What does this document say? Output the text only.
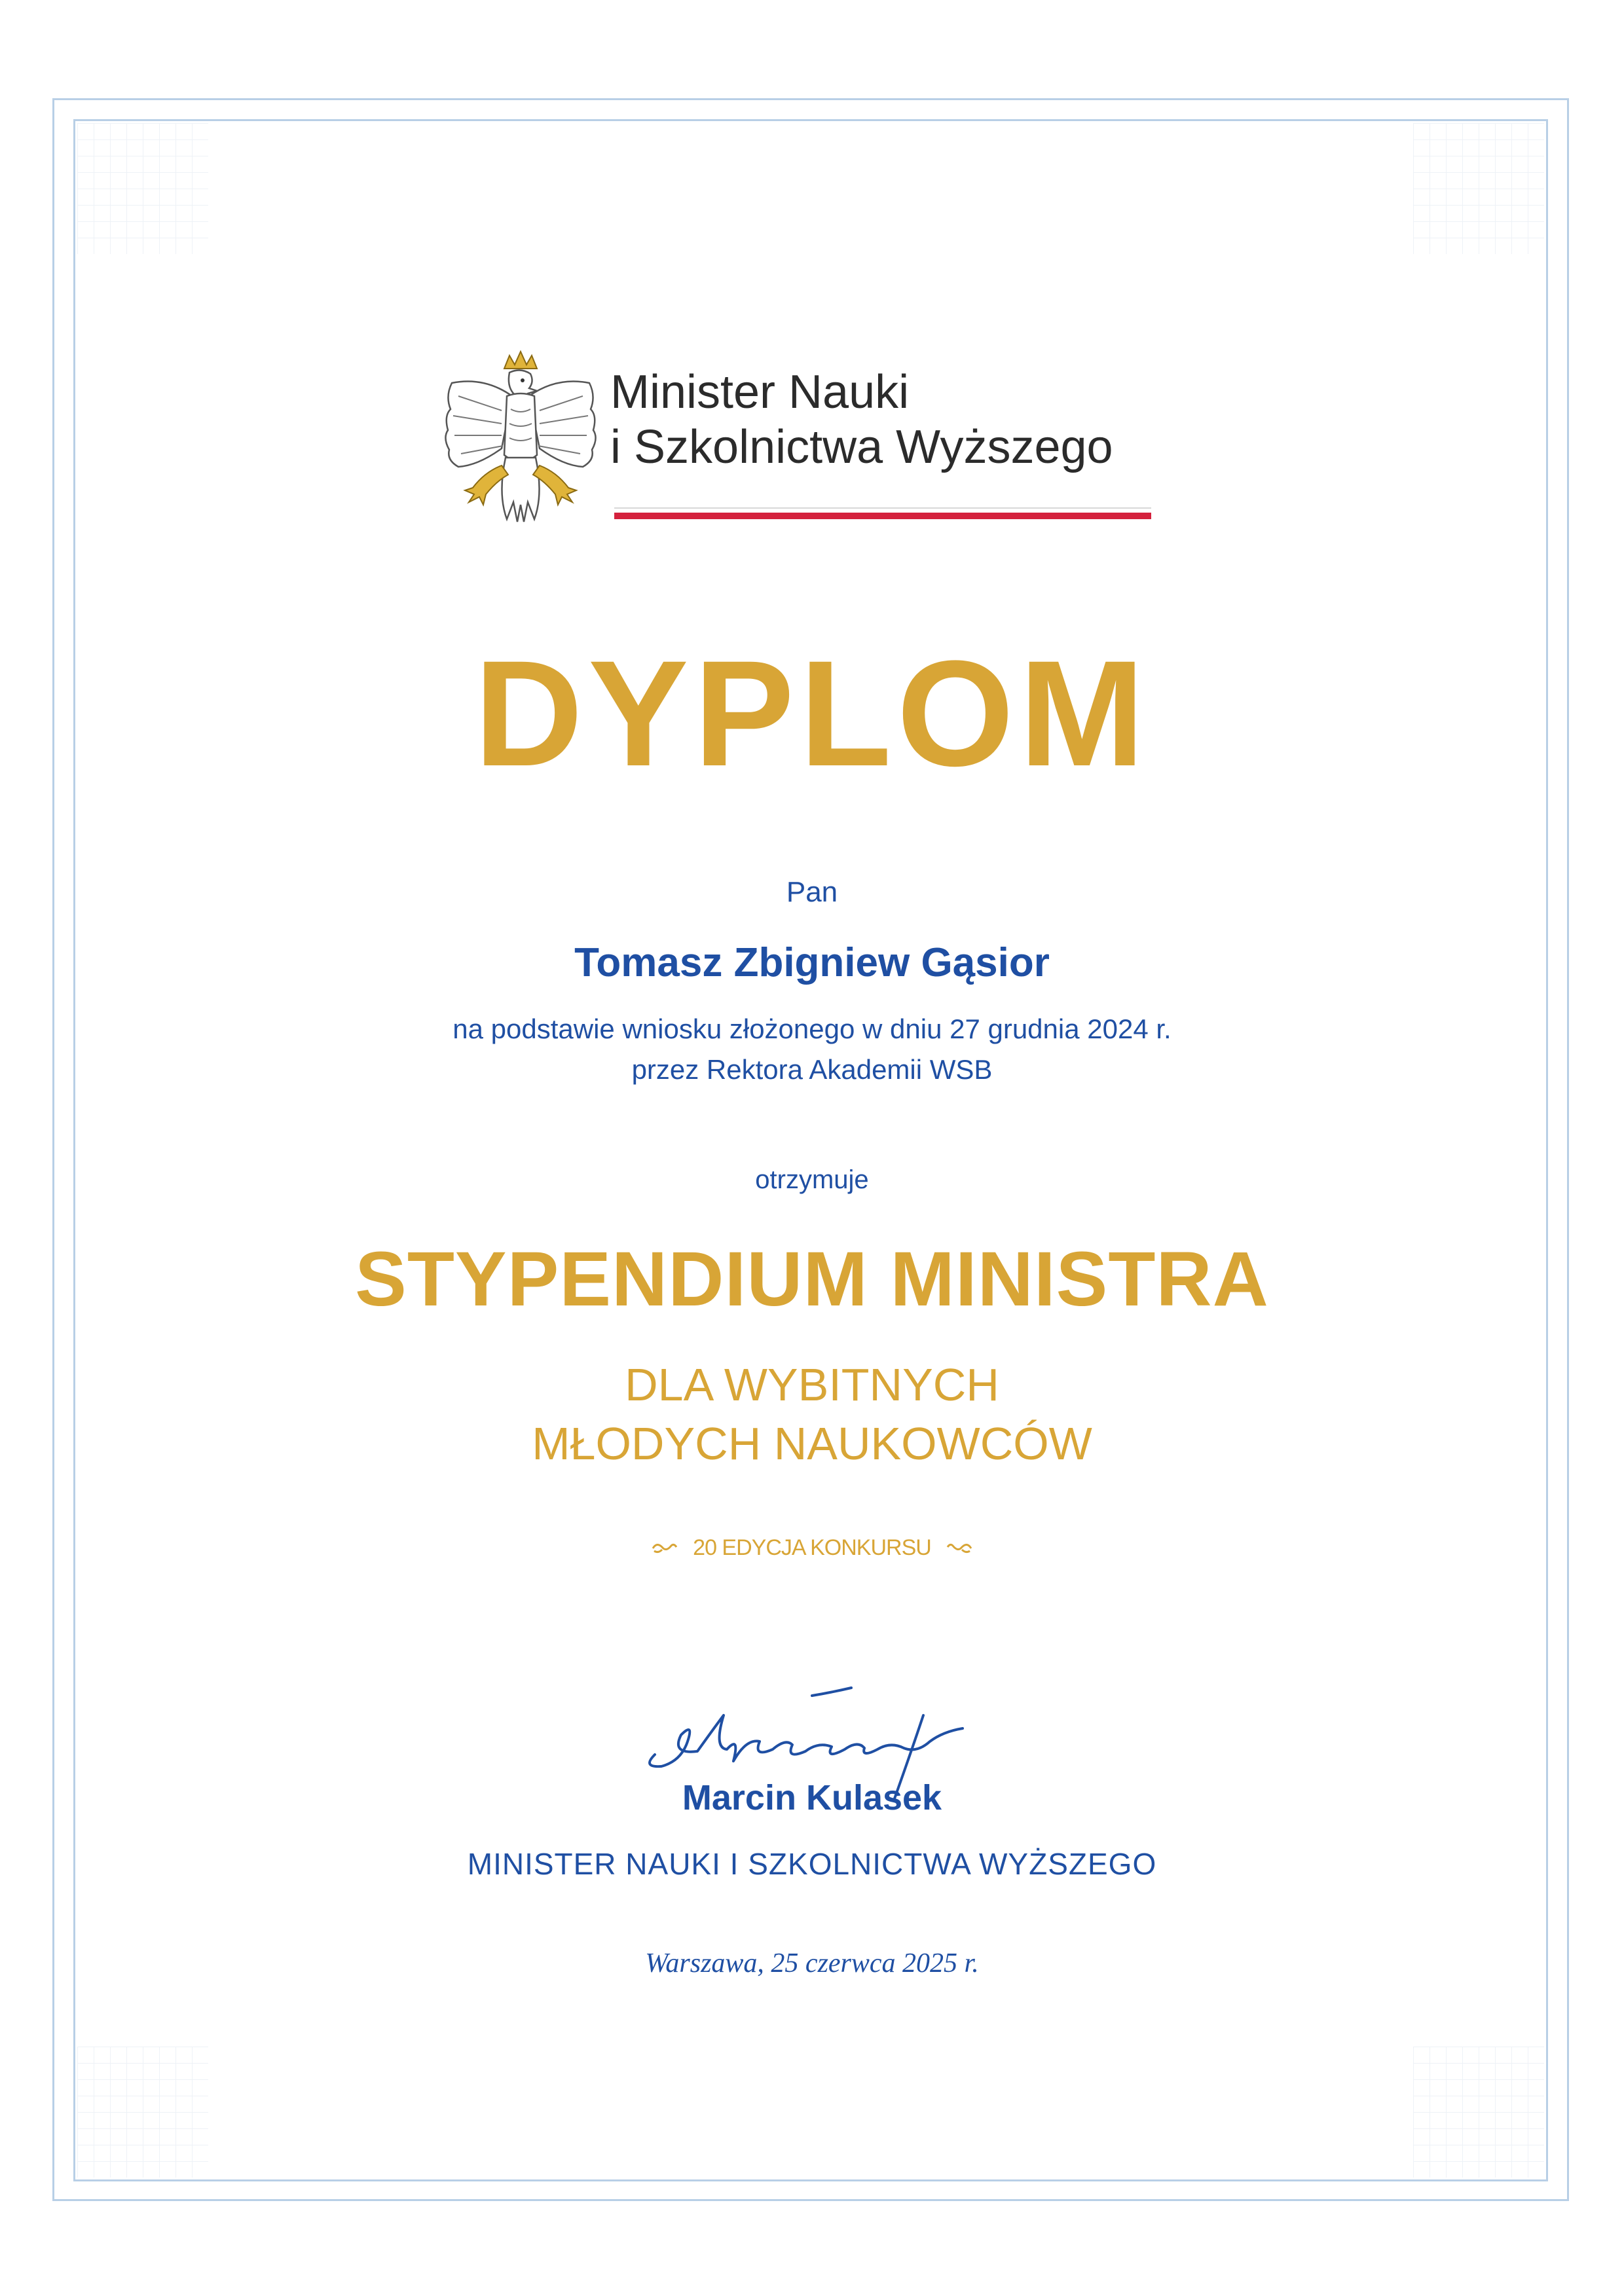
Minister Nauki
i Szkolnictwa Wyższego
DYPLOM
Pan
Tomasz Zbigniew Gąsior
na podstawie wniosku złożonego w dniu 27 grudnia 2024 r.
przez Rektora Akademii WSB
otrzymuje
STYPENDIUM MINISTRA
DLA WYBITNYCH
MŁODYCH NAUKOWCÓW
20 EDYCJA KONKURSU
Marcin Kulasek
MINISTER NAUKI I SZKOLNICTWA WYŻSZEGO
Warszawa, 25 czerwca 2025 r.
